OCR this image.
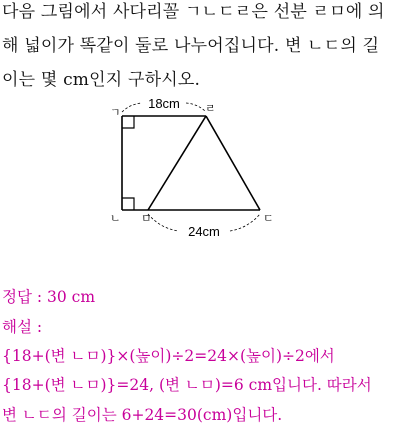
다음 그림에서 사다리꼴 ㄱㄴㄷㄹ은 선분 ㄹㅁ에 의
해 넓이가 똑같이 둘로 나누어집니다. 변 ㄴㄷ의 길
이는 몇 cm인지 구하시오.
18cm
24cm
ㄱ	ㄹ
ㄴ ㅁ	ㄷ
정답 : 30 cm
해설 :
{18+(변 ㄴㅁ)}×(높이)÷2=24×(높이)÷2에서
{18+(변 ㄴㅁ)}=24, (변 ㄴㅁ)=6 cm입니다. 따라서
변 ㄴㄷ의 길이는 6+24=30(cm)입니다.
